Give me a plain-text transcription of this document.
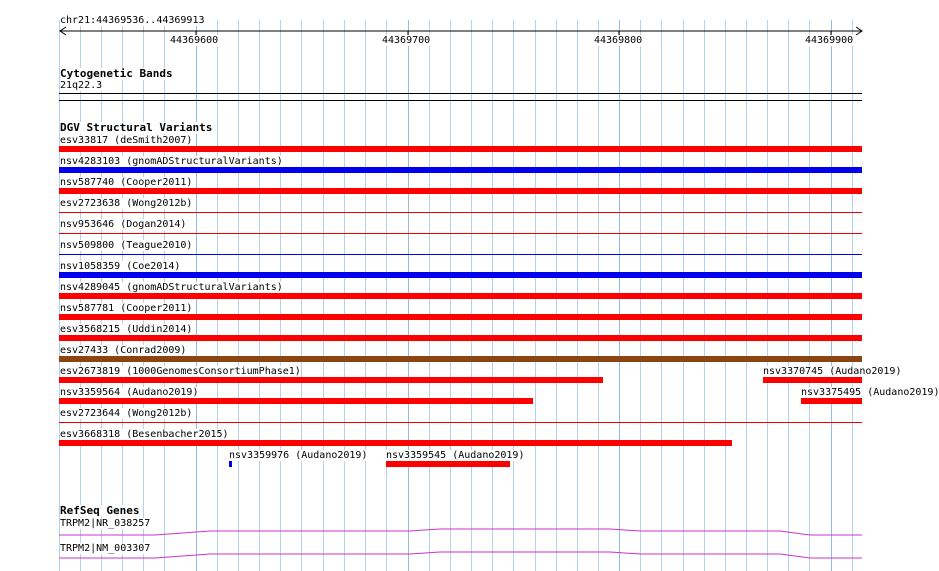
chr21:44369536..44369913
44369600	44369700	44369800	44369900
Cytogenetic Bands
21q22.3
DGV Structural Variants
esv33817 (deSmith2007)
nsv4283103 (gnomADStructuralVariants)
nsv587740 (Cooper2011)
esv2723638 (Wong2012b)
nsv953646 (Dogan2014)
nsv509800 (Teague2010)
nsv1058359 (Coe2014)
nsv4289045 (gnomADStructuralVariants)
nsv587781 (Cooper2011)
esv3568215 (Uddin2014)
esv27433 (Conrad2009)
esv2673819 (1000GenomesConsortiumPhase1)	nsv3370745 (Audano2019)
nsv3359564 (Audano2019)	nsv3375495 (Audano2019)
esv2723644 (Wong2012b)
esv3668318 (Besenbacher2015)
nsv3359976 (Audano2019) nsv3359545 (Audano2019)
RefSeq Genes
TRPM2|NR_038257
TRPM2|NM_003307
